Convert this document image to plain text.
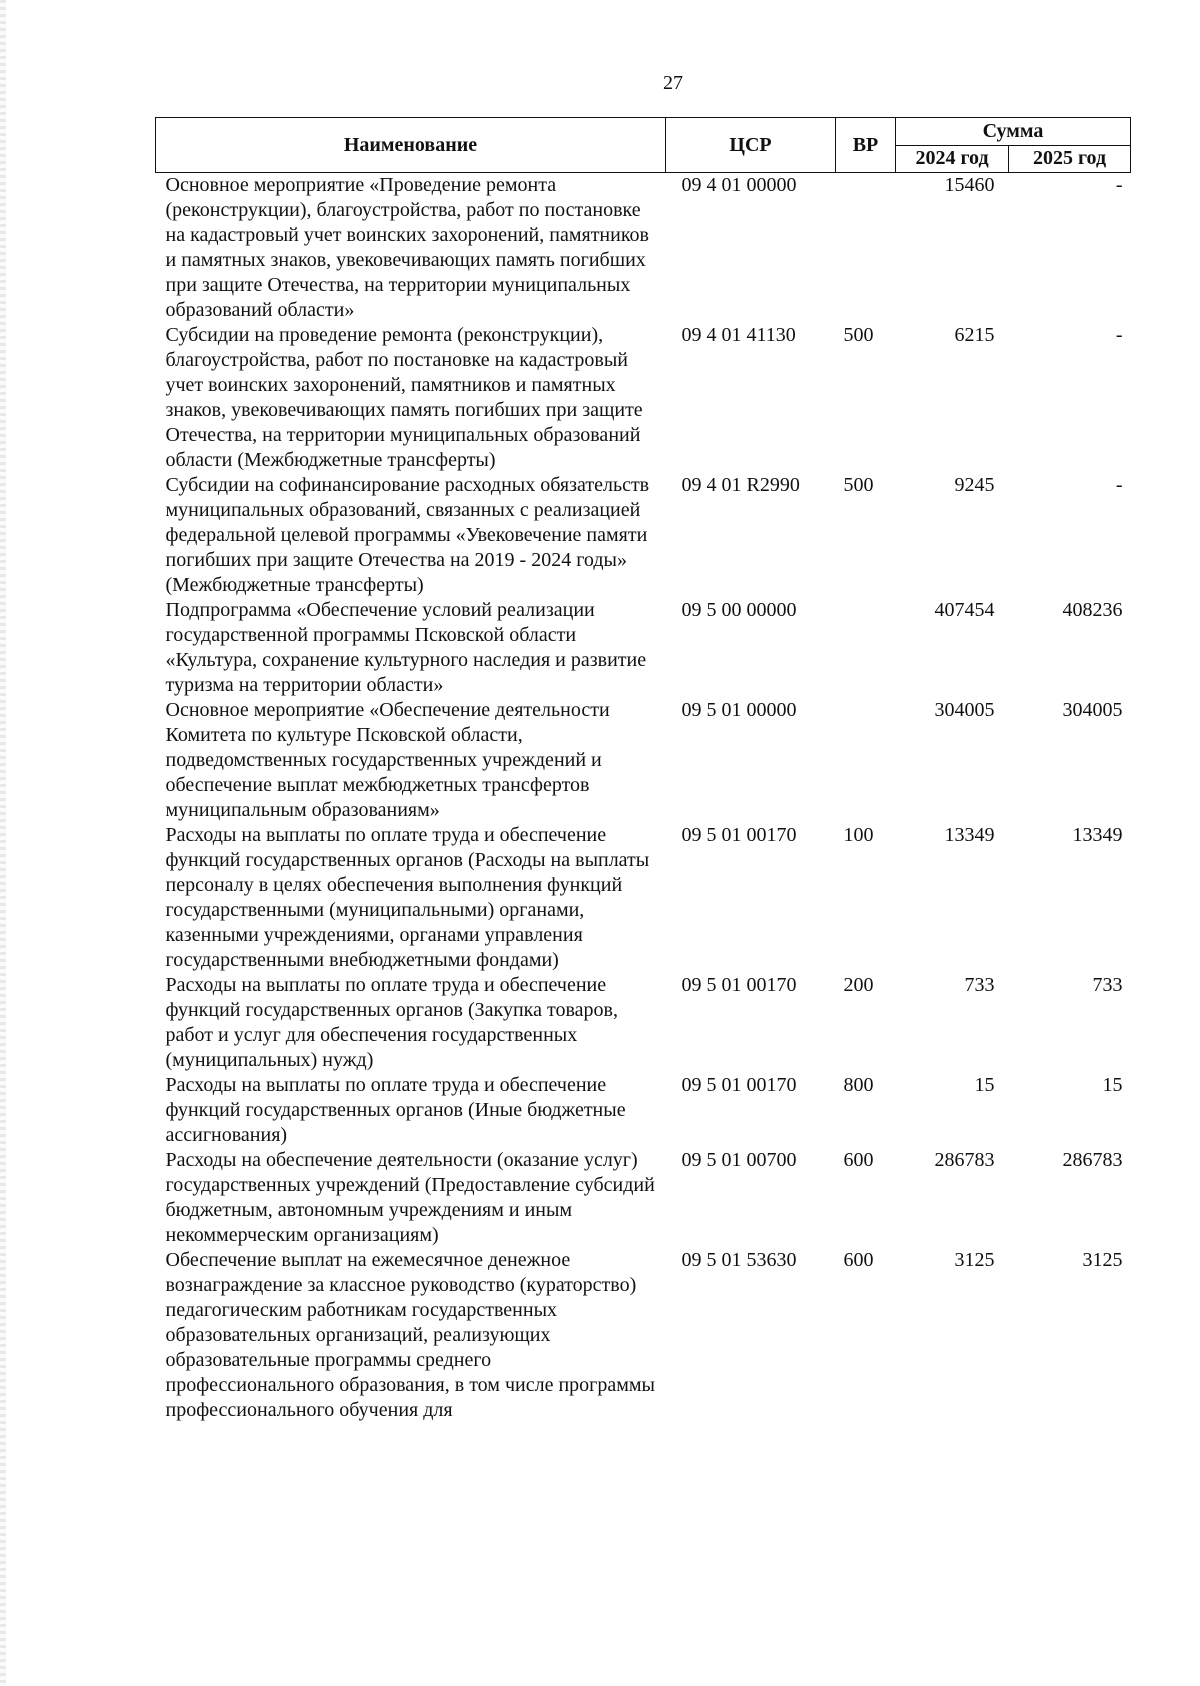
27
Наименование	ЦСР	ВР	Сумма	
			2024 год	2025 год
Основное мероприятие «Проведение ремонта (реконструкции), благоустройства, работ по постановке на кадастровый учет воинских захоронений, памятников и памятных знаков, увековечивающих память погибших при защите Отечества, на территории муниципальных образований области»	09 4 01 00000		15460	-
Субсидии на проведение ремонта (реконструкции), благоустройства, работ по постановке на кадастровый учет воинских захоронений, памятников и памятных знаков, увековечивающих память погибших при защите Отечества, на территории муниципальных образований области (Межбюджетные трансферты)	09 4 01 41130	500	6215	-
Субсидии на софинансирование расходных обязательств муниципальных образований, связанных с реализацией федеральной целевой программы «Увековечение памяти погибших при защите Отечества на 2019 - 2024 годы» (Межбюджетные трансферты)	09 4 01 R2990	500	9245	-
Подпрограмма «Обеспечение условий реализации государственной программы Псковской области «Культура, сохранение культурного наследия и развитие туризма на территории области»	09 5 00 00000		407454	408236
Основное мероприятие «Обеспечение деятельности Комитета по культуре Псковской области, подведомственных государственных учреждений и обеспечение выплат межбюджетных трансфертов муниципальным образованиям»	09 5 01 00000		304005	304005
Расходы на выплаты по оплате труда и обеспечение функций государственных органов (Расходы на выплаты персоналу в целях обеспечения выполнения функций государственными (муниципальными) органами, казенными учреждениями, органами управления государственными внебюджетными фондами)	09 5 01 00170	100	13349	13349
Расходы на выплаты по оплате труда и обеспечение функций государственных органов (Закупка товаров, работ и услуг для обеспечения государственных (муниципальных) нужд)	09 5 01 00170	200	733	733
Расходы на выплаты по оплате труда и обеспечение функций государственных органов (Иные бюджетные ассигнования)	09 5 01 00170	800	15	15
Расходы на обеспечение деятельности (оказание услуг) государственных учреждений (Предоставление субсидий бюджетным, автономным учреждениям и иным некоммерческим организациям)	09 5 01 00700	600	286783	286783
Обеспечение выплат на ежемесячное денежное вознаграждение за классное руководство (кураторство) педагогическим работникам государственных образовательных организаций, реализующих образовательные программы среднего профессионального образования, в том числе программы профессионального обучения для	09 5 01 53630	600	3125	3125
